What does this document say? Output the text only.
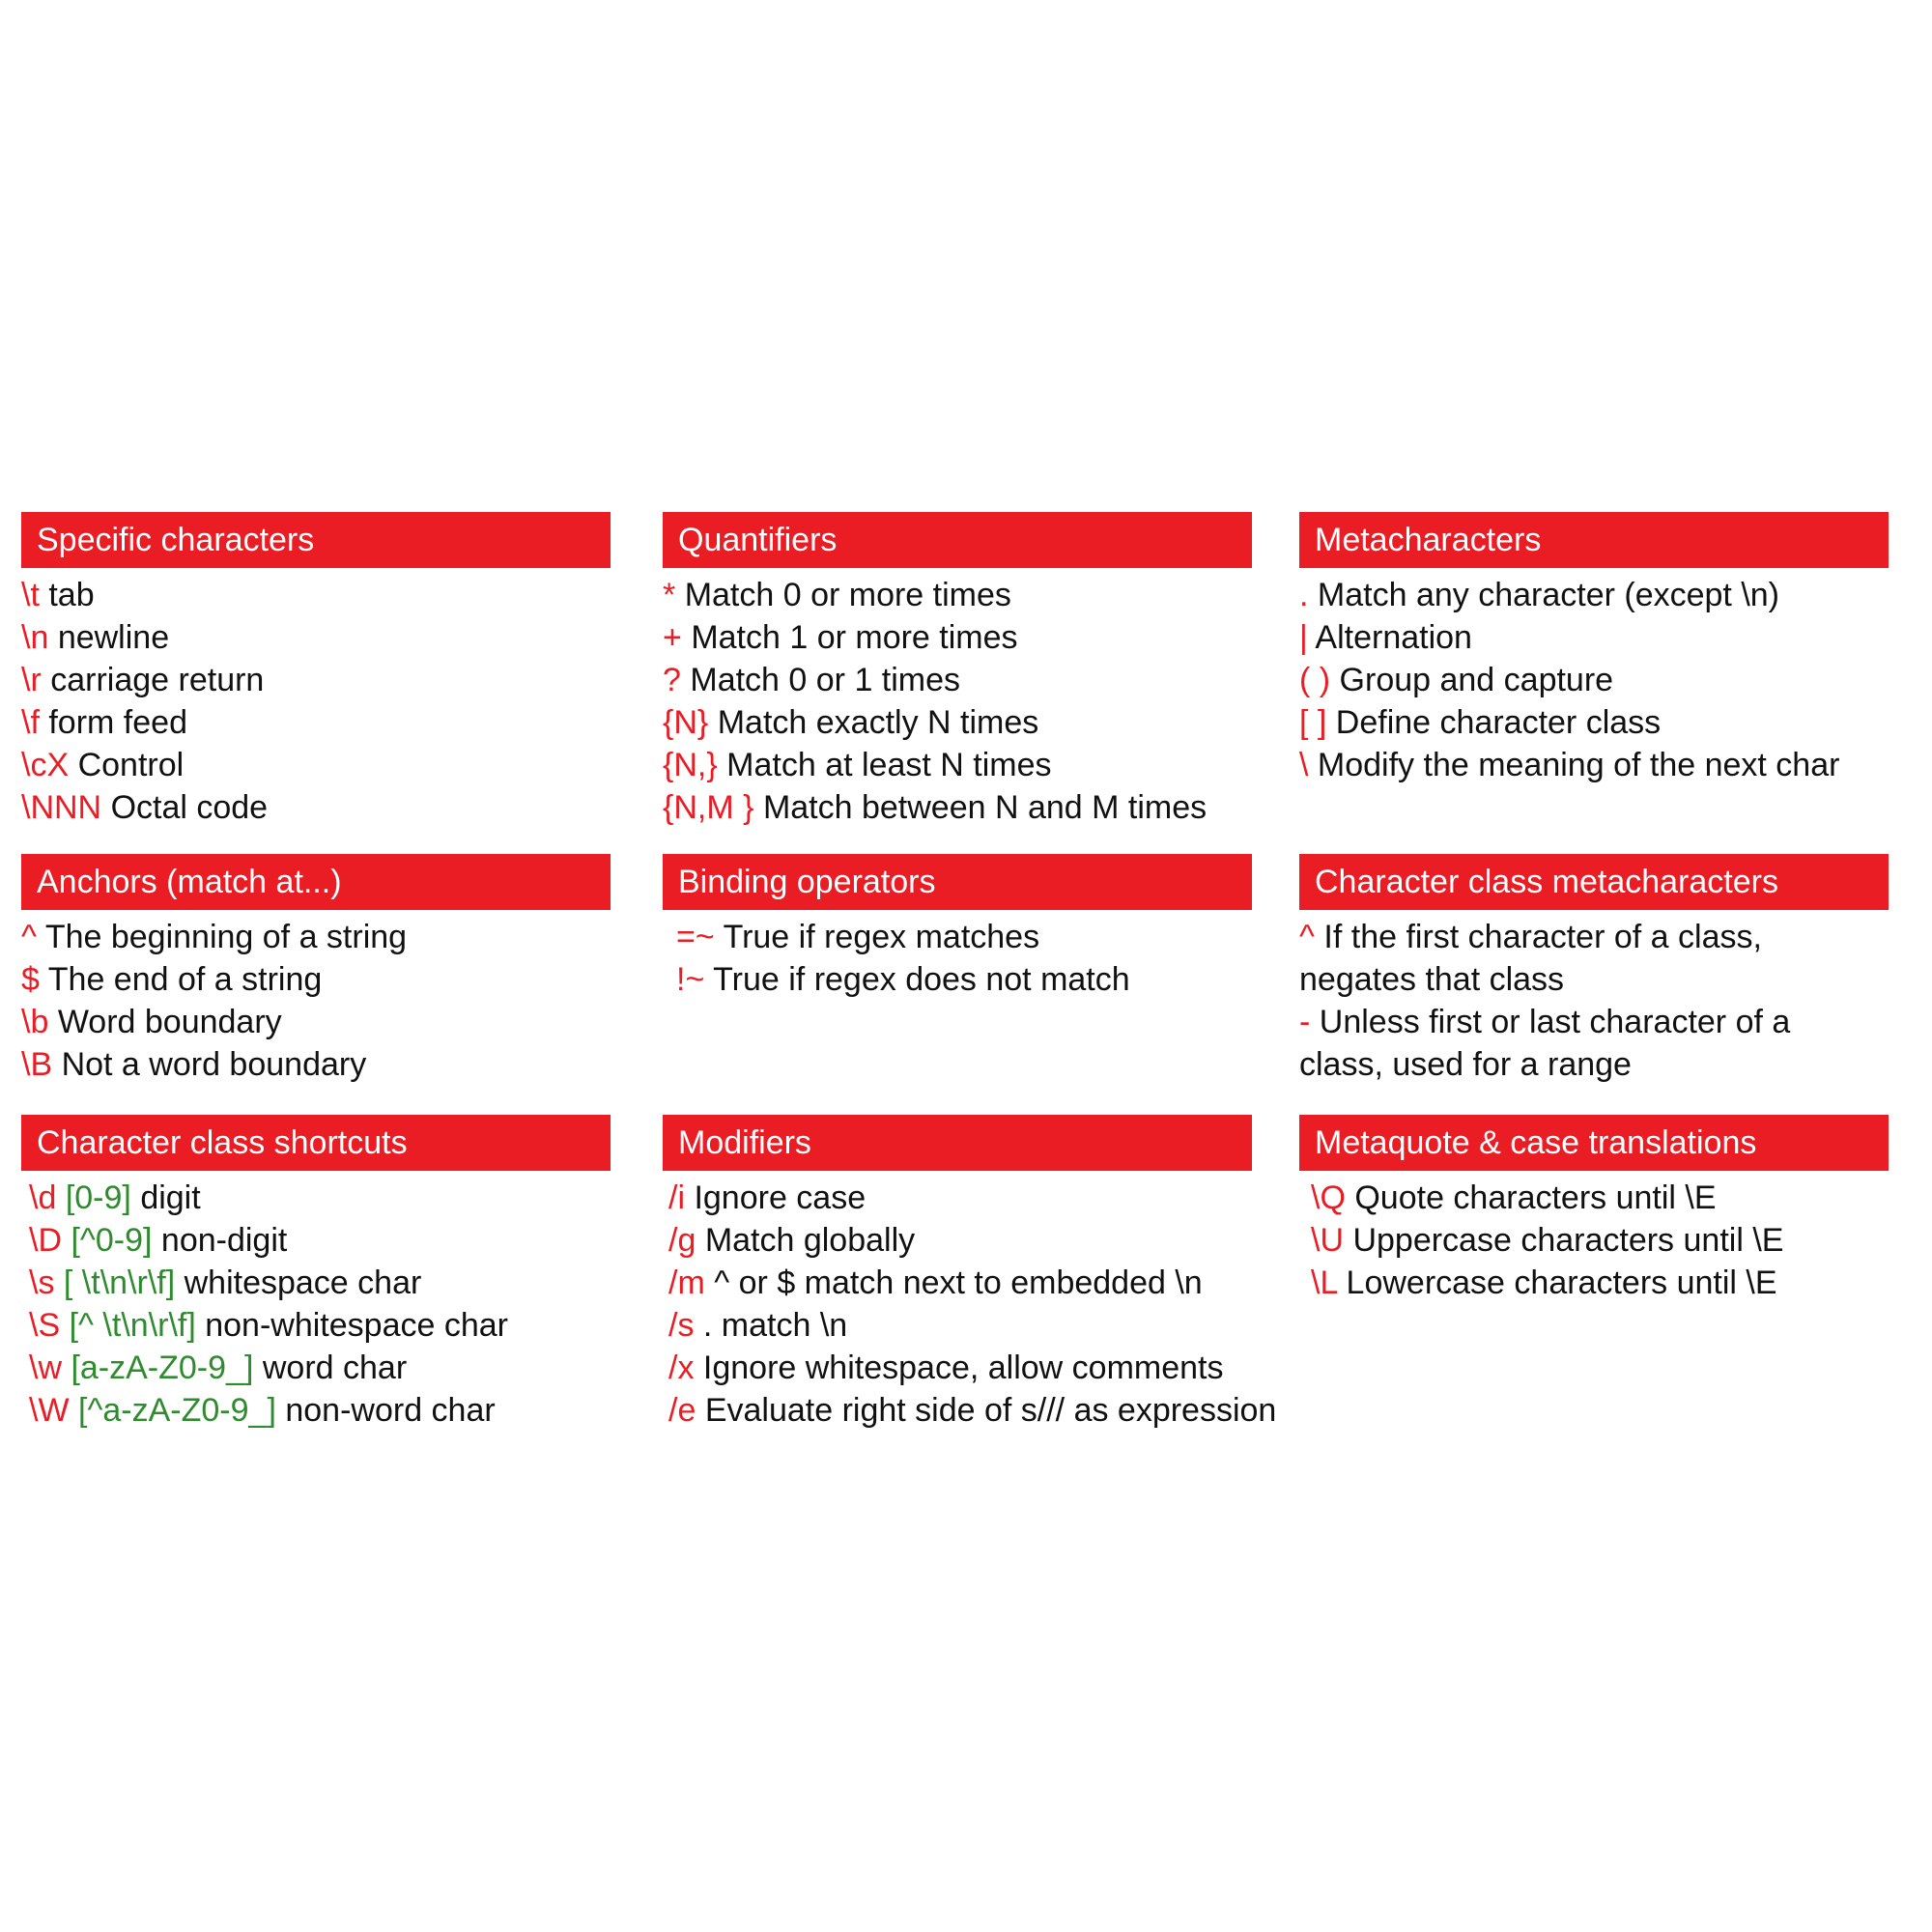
Specific characters
\t tab
\n newline
\r carriage return
\f form feed
\cX Control
\NNN Octal code
Quantifiers
* Match 0 or more times
+ Match 1 or more times
? Match 0 or 1 times
{N} Match exactly N times
{N,} Match at least N times
{N,M } Match between N and M times
Metacharacters
. Match any character (except \n)
| Alternation
( ) Group and capture
[ ] Define character class
\ Modify the meaning of the next char
Anchors (match at...)
^ The beginning of a string
$ The end of a string
\b Word boundary
\B Not a word boundary
Binding operators
=~ True if regex matches
!~ True if regex does not match
Character class metacharacters
^ If the first character of a class, negates that class
- Unless first or last character of a class, used for a range
Character class shortcuts
\d [0-9] digit
\D [^0-9] non-digit
\s [ \t\n\r\f] whitespace char
\S [^ \t\n\r\f] non-whitespace char
\w [a-zA-Z0-9_] word char
\W [^a-zA-Z0-9_] non-word char
Modifiers
/i Ignore case
/g Match globally
/m ^ or $ match next to embedded \n
/s . match \n
/x Ignore whitespace, allow comments
/e Evaluate right side of s/// as expression
Metaquote & case translations
\Q Quote characters until \E
\U Uppercase characters until \E
\L Lowercase characters until \E
